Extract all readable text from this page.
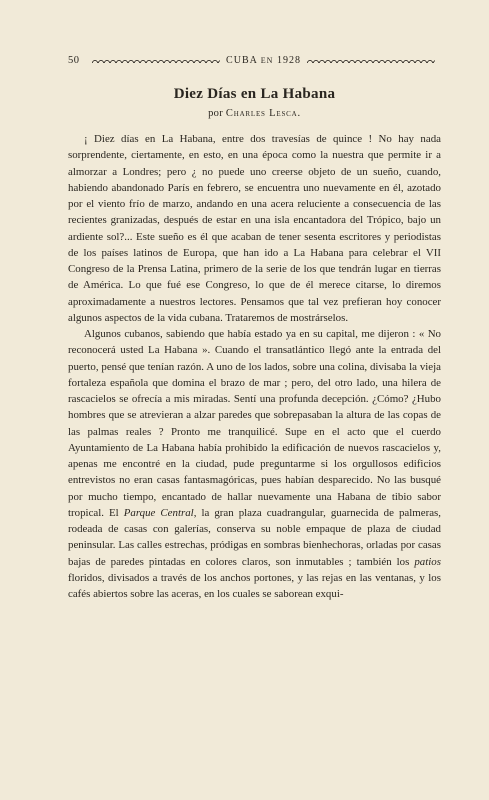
50	CUBA EN 1928
Diez Días en La Habana
por Charles Lesca.

¡ Diez días en La Habana, entre dos travesías de quince ! No hay nada sorprendente, ciertamente, en esto, en una época como la nuestra que permite ir a almorzar a Londres; pero ¿ no puede uno creerse objeto de un sueño, cuando, habiendo abandonado París en febrero, se encuentra uno nuevamente en él, azotado por el viento frío de marzo, andando en una acera reluciente a consecuencia de las recientes granizadas, después de estar en una isla encantadora del Trópico, bajo un ardiente sol?... Este sueño es él que acaban de tener sesenta escritores y periodistas de los países latinos de Europa, que han ido a La Habana para celebrar el VII Congreso de la Prensa Latina, primero de la serie de los que tendrán lugar en tierras de América. Lo que fué ese Congreso, lo que de él merece citarse, lo diremos aproximadamente a nuestros lectores. Pensamos que tal vez prefieran hoy conocer algunos aspectos de la vida cubana. Trataremos de mostrárselos.

Algunos cubanos, sabiendo que había estado ya en su capital, me dijeron : « No reconocerá usted La Habana ». Cuando el transatlántico llegó ante la entrada del puerto, pensé que tenían razón. A uno de los lados, sobre una colina, divisaba la vieja fortaleza española que domina el brazo de mar ; pero, del otro lado, una hilera de rascacielos se ofrecía a mis miradas. Sentí una profunda decepción. ¿Cómo? ¿Hubo hombres que se atrevieran a alzar paredes que sobrepasaban la altura de las copas de las palmas reales ? Pronto me tranquilicé. Supe en el acto que el cuerdo Ayuntamiento de La Habana había prohibido la edificación de nuevos rascacielos y, apenas me encontré en la ciudad, pude preguntarme si los orgullosos edificios entrevistos no eran casas fantasmagóricas, pues habían desparecido. No las busqué por mucho tiempo, encantado de hallar nuevamente una Habana de tibio sabor tropical. El Parque Central, la gran plaza cuadrangular, guarnecida de palmeras, rodeada de casas con galerías, conserva su noble empaque de plaza de ciudad peninsular. Las calles estrechas, pródigas en sombras bienhechoras, orladas por casas bajas de paredes pintadas en colores claros, son inmutables ; también los patios floridos, divisados a través de los anchos portones, y las rejas en las ventanas, y los cafés abiertos sobre las aceras, en los cuales se saborean exqui-
